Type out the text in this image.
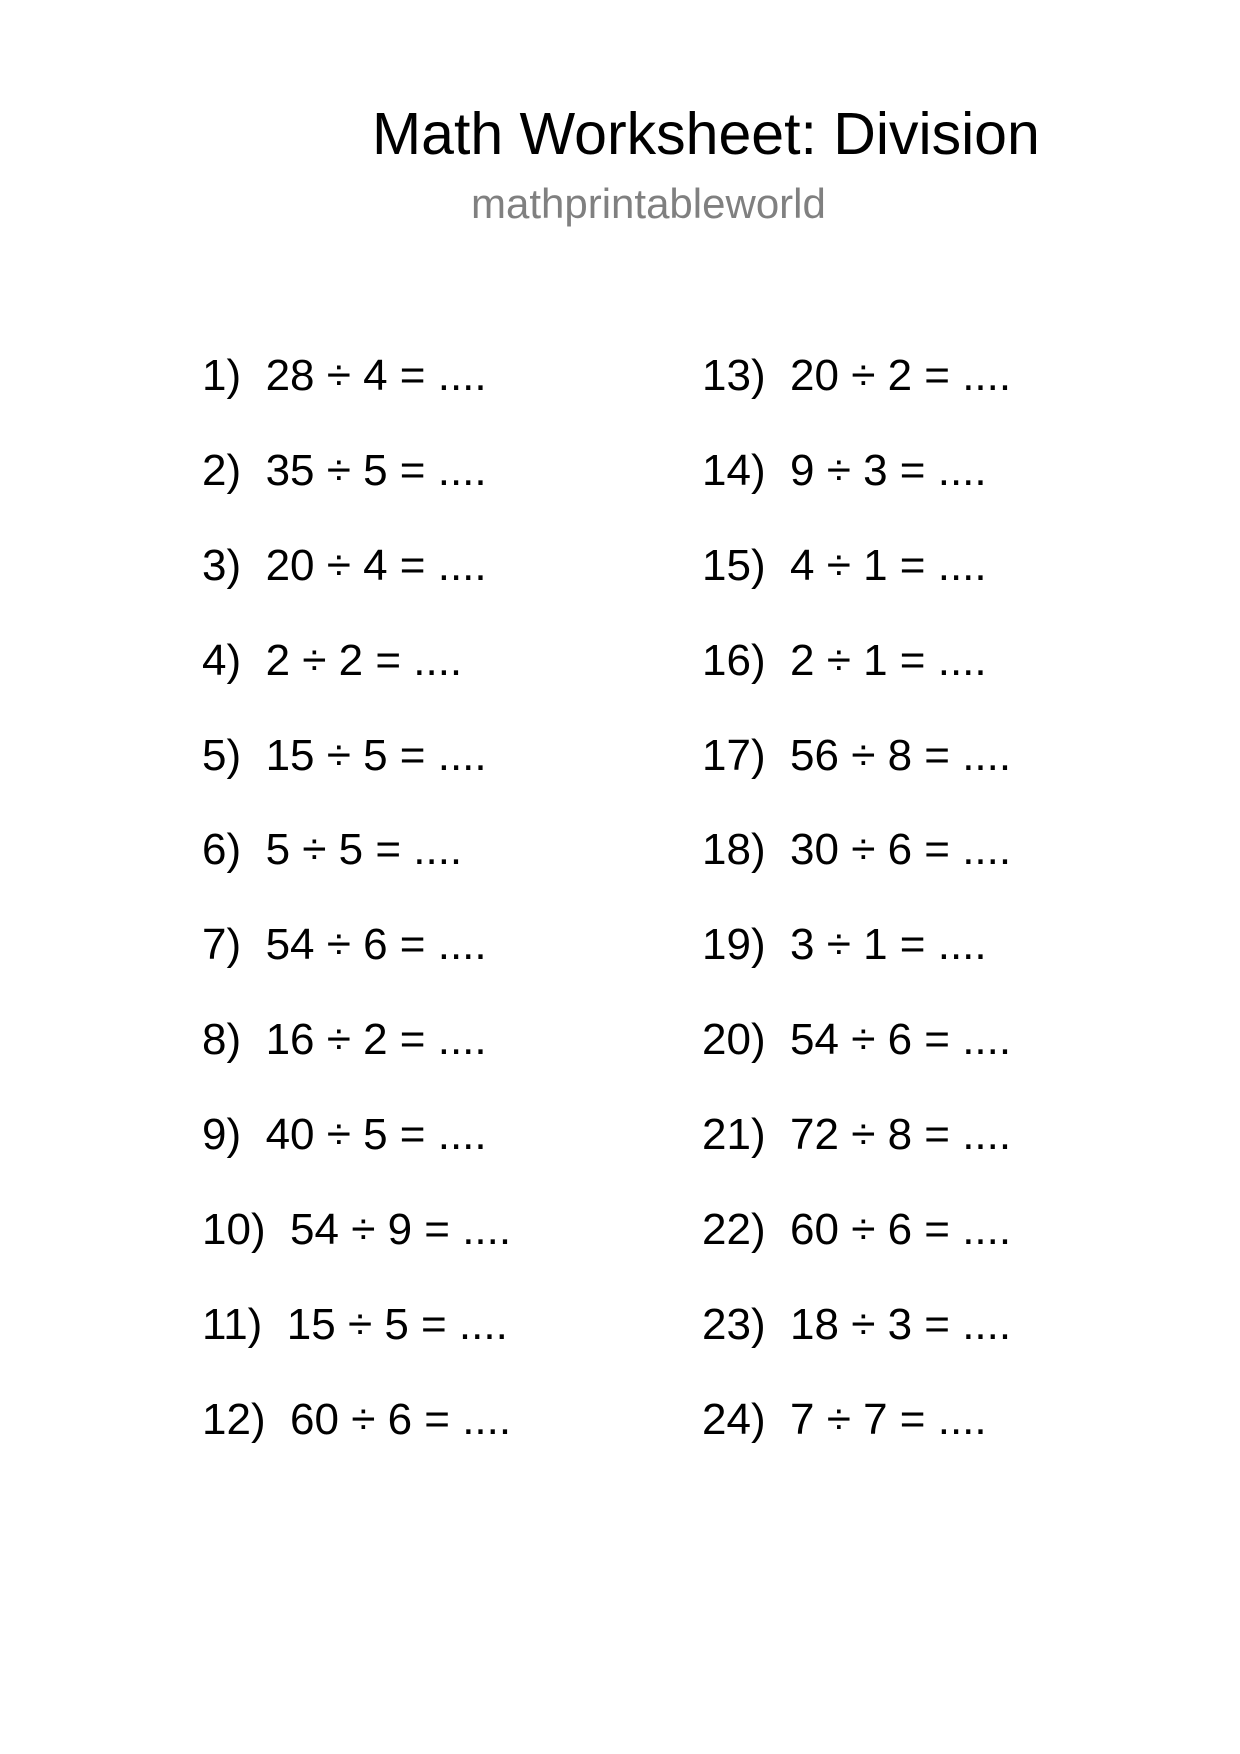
Math Worksheet: Division
mathprintableworld
1)  28 ÷ 4 = ....
2)  35 ÷ 5 = ....
3)  20 ÷ 4 = ....
4)  2 ÷ 2 = ....
5)  15 ÷ 5 = ....
6)  5 ÷ 5 = ....
7)  54 ÷ 6 = ....
8)  16 ÷ 2 = ....
9)  40 ÷ 5 = ....
10)  54 ÷ 9 = ....
11)  15 ÷ 5 = ....
12)  60 ÷ 6 = ....
13)  20 ÷ 2 = ....
14)  9 ÷ 3 = ....
15)  4 ÷ 1 = ....
16)  2 ÷ 1 = ....
17)  56 ÷ 8 = ....
18)  30 ÷ 6 = ....
19)  3 ÷ 1 = ....
20)  54 ÷ 6 = ....
21)  72 ÷ 8 = ....
22)  60 ÷ 6 = ....
23)  18 ÷ 3 = ....
24)  7 ÷ 7 = ....
